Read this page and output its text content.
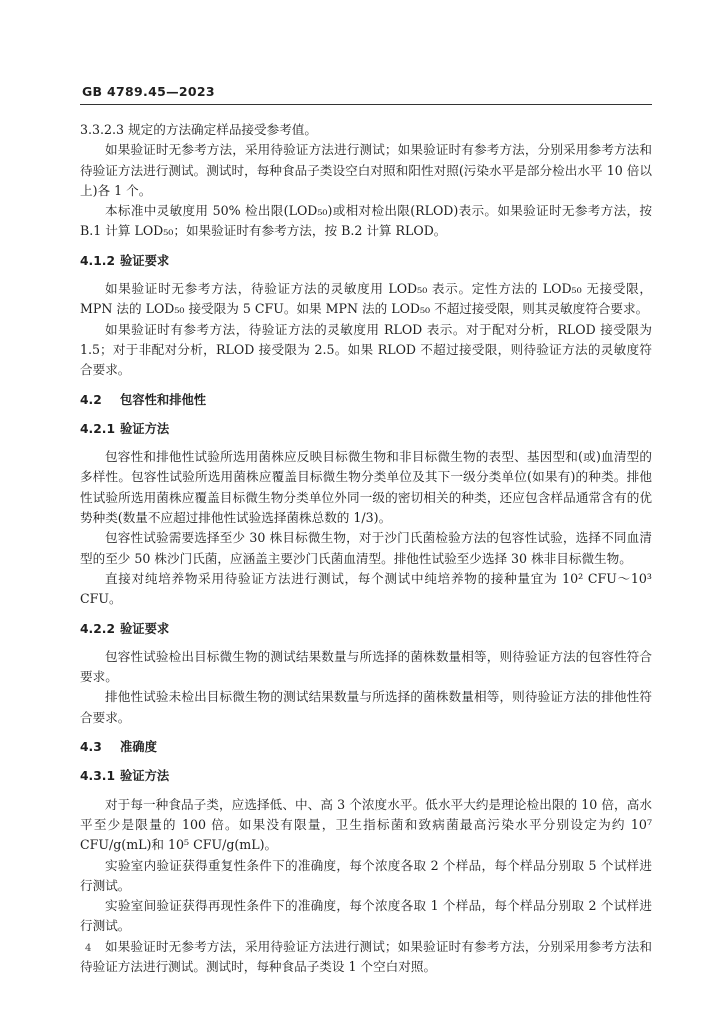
GB 4789.45—2023

3.3.2.3 规定的方法确定样品接受参考值。

如果验证时无参考方法，采用待验证方法进行测试；如果验证时有参考方法，分别采用参考方法和待验证方法进行测试。测试时，每种食品子类设空白对照和阳性对照(污染水平是部分检出水平 10 倍以上)各 1 个。

本标准中灵敏度用 50% 检出限(LOD₅₀)或相对检出限(RLOD)表示。如果验证时无参考方法，按 B.1 计算 LOD₅₀；如果验证时有参考方法，按 B.2 计算 RLOD。

4.1.2 验证要求

如果验证时无参考方法，待验证方法的灵敏度用 LOD₅₀ 表示。定性方法的 LOD₅₀ 无接受限，MPN 法的 LOD₅₀ 接受限为 5 CFU。如果 MPN 法的 LOD₅₀ 不超过接受限，则其灵敏度符合要求。

如果验证时有参考方法，待验证方法的灵敏度用 RLOD 表示。对于配对分析，RLOD 接受限为 1.5；对于非配对分析，RLOD 接受限为 2.5。如果 RLOD 不超过接受限，则待验证方法的灵敏度符合要求。

4.2 包容性和排他性

4.2.1 验证方法

包容性和排他性试验所选用菌株应反映目标微生物和非目标微生物的表型、基因型和(或)血清型的多样性。包容性试验所选用菌株应覆盖目标微生物分类单位及其下一级分类单位(如果有)的种类。排他性试验所选用菌株应覆盖目标微生物分类单位外同一级的密切相关的种类，还应包含样品通常含有的优势种类(数量不应超过排他性试验选择菌株总数的 1/3)。

包容性试验需要选择至少 30 株目标微生物，对于沙门氏菌检验方法的包容性试验，选择不同血清型的至少 50 株沙门氏菌，应涵盖主要沙门氏菌血清型。排他性试验至少选择 30 株非目标微生物。

直接对纯培养物采用待验证方法进行测试，每个测试中纯培养物的接种量宜为 10² CFU～10³ CFU。

4.2.2 验证要求

包容性试验检出目标微生物的测试结果数量与所选择的菌株数量相等，则待验证方法的包容性符合要求。

排他性试验未检出目标微生物的测试结果数量与所选择的菌株数量相等，则待验证方法的排他性符合要求。

4.3 准确度

4.3.1 验证方法

对于每一种食品子类，应选择低、中、高 3 个浓度水平。低水平大约是理论检出限的 10 倍，高水平至少是限量的 100 倍。如果没有限量，卫生指标菌和致病菌最高污染水平分别设定为约 10⁷ CFU/g(mL)和 10⁵ CFU/g(mL)。

实验室内验证获得重复性条件下的准确度，每个浓度各取 2 个样品，每个样品分别取 5 个试样进行测试。

实验室间验证获得再现性条件下的准确度，每个浓度各取 1 个样品，每个样品分别取 2 个试样进行测试。

如果验证时无参考方法，采用待验证方法进行测试；如果验证时有参考方法，分别采用参考方法和待验证方法进行测试。测试时，每种食品子类设 1 个空白对照。

4
